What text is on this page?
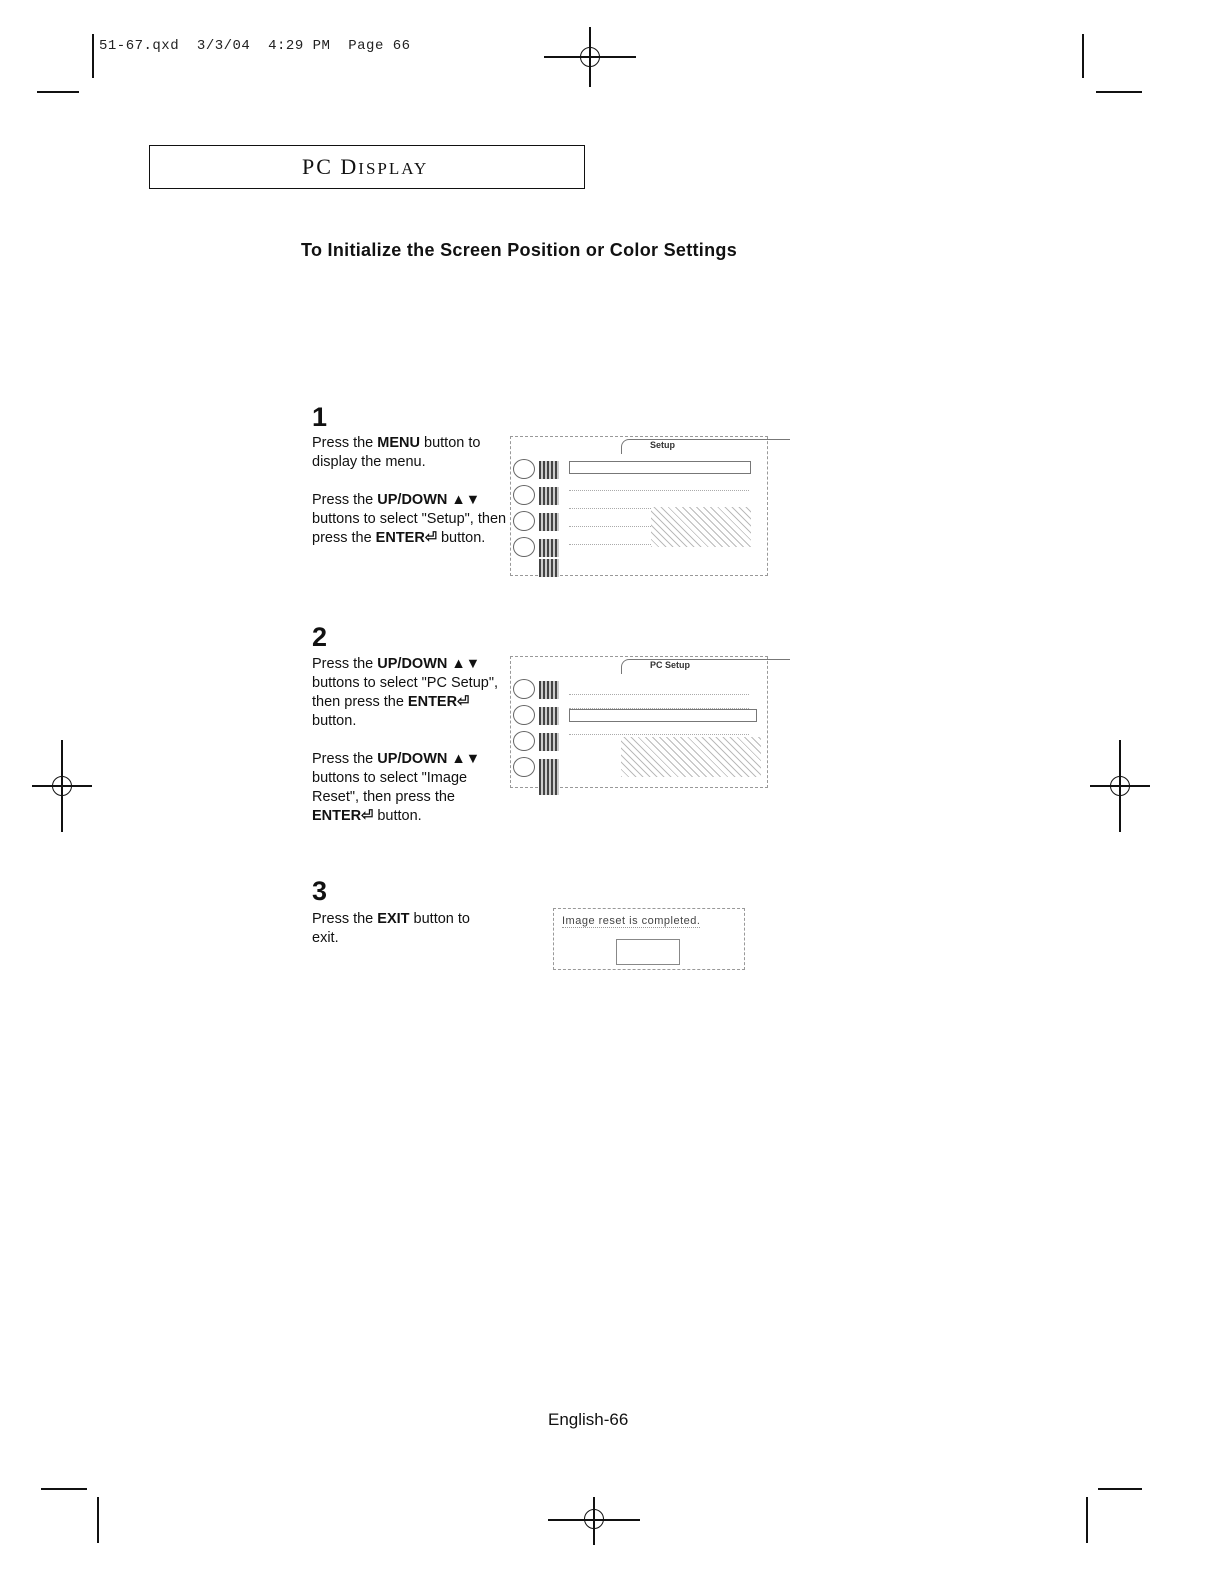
51-67.qxd  3/3/04  4:29 PM  Page 66
PC DISPLAY
To Initialize the Screen Position or Color Settings
1

Press the MENU button to display the menu.

Press the UP/DOWN ▲▼ buttons to select "Setup", then press the ENTER⏎ button.

Setup
2

Press the UP/DOWN ▲▼ buttons to select "PC Setup", then press the ENTER⏎ button.

Press the UP/DOWN ▲▼ buttons to select "Image Reset", then press the ENTER⏎ button.

PC Setup
3

Press the EXIT button to exit.

Image reset is completed.
English-66
